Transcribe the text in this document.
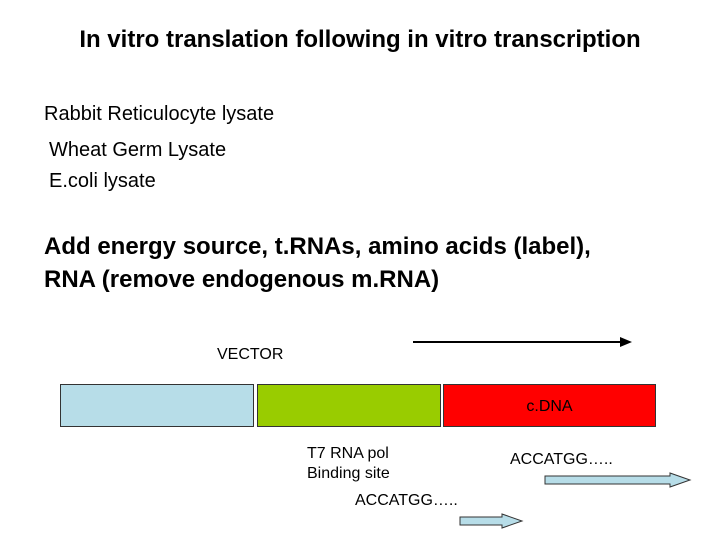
In vitro translation following in vitro transcription
Rabbit Reticulocyte lysate
Wheat Germ Lysate
E.coli lysate
Add energy source, t.RNAs, amino acids (label),
RNA (remove endogenous m.RNA)
VECTOR
c.DNA
T7 RNA pol
Binding site
ACCATGG…..
ACCATGG…..
